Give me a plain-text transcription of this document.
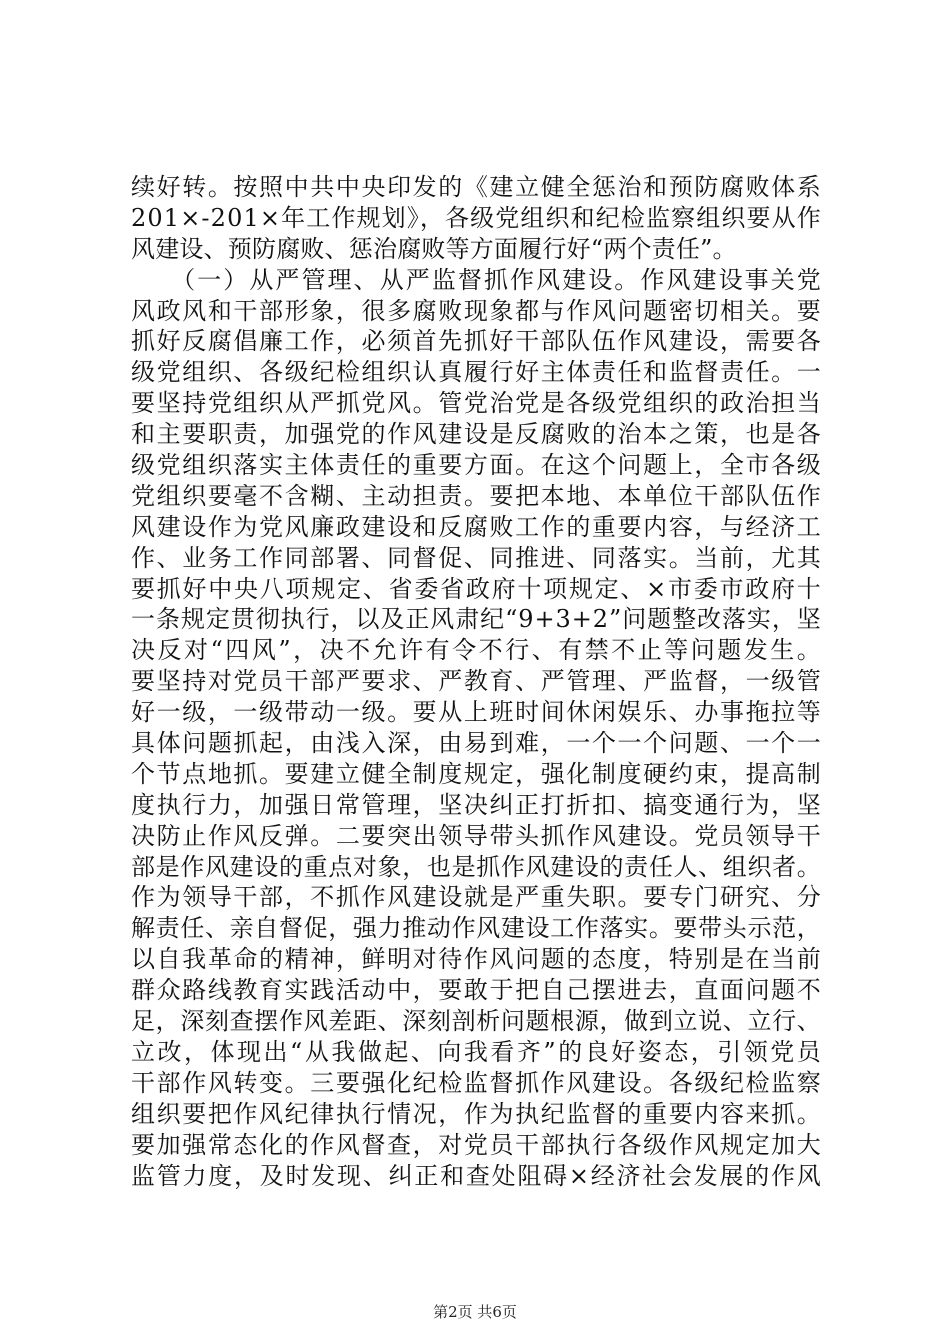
续好转。按照中共中央印发的《建立健全惩治和预防腐败体系
201×-201×年工作规划》，各级党组织和纪检监察组织要从作
风建设、预防腐败、惩治腐败等方面履行好“两个责任”。
　　（一）从严管理、从严监督抓作风建设。作风建设事关党
风政风和干部形象，很多腐败现象都与作风问题密切相关。要
抓好反腐倡廉工作，必须首先抓好干部队伍作风建设，需要各
级党组织、各级纪检组织认真履行好主体责任和监督责任。一
要坚持党组织从严抓党风。管党治党是各级党组织的政治担当
和主要职责，加强党的作风建设是反腐败的治本之策，也是各
级党组织落实主体责任的重要方面。在这个问题上，全市各级
党组织要毫不含糊、主动担责。要把本地、本单位干部队伍作
风建设作为党风廉政建设和反腐败工作的重要内容，与经济工
作、业务工作同部署、同督促、同推进、同落实。当前，尤其
要抓好中央八项规定、省委省政府十项规定、×市委市政府十
一条规定贯彻执行，以及正风肃纪“9+3+2”问题整改落实，坚
决反对“四风”，决不允许有令不行、有禁不止等问题发生。
要坚持对党员干部严要求、严教育、严管理、严监督，一级管
好一级，一级带动一级。要从上班时间休闲娱乐、办事拖拉等
具体问题抓起，由浅入深，由易到难，一个一个问题、一个一
个节点地抓。要建立健全制度规定，强化制度硬约束，提高制
度执行力，加强日常管理，坚决纠正打折扣、搞变通行为，坚
决防止作风反弹。二要突出领导带头抓作风建设。党员领导干
部是作风建设的重点对象，也是抓作风建设的责任人、组织者。
作为领导干部，不抓作风建设就是严重失职。要专门研究、分
解责任、亲自督促，强力推动作风建设工作落实。要带头示范，
以自我革命的精神，鲜明对待作风问题的态度，特别是在当前
群众路线教育实践活动中，要敢于把自己摆进去，直面问题不
足，深刻查摆作风差距、深刻剖析问题根源，做到立说、立行、
立改，体现出“从我做起、向我看齐”的良好姿态，引领党员
干部作风转变。三要强化纪检监督抓作风建设。各级纪检监察
组织要把作风纪律执行情况，作为执纪监督的重要内容来抓。
要加强常态化的作风督查，对党员干部执行各级作风规定加大
监管力度，及时发现、纠正和查处阻碍×经济社会发展的作风
第2页 共6页
